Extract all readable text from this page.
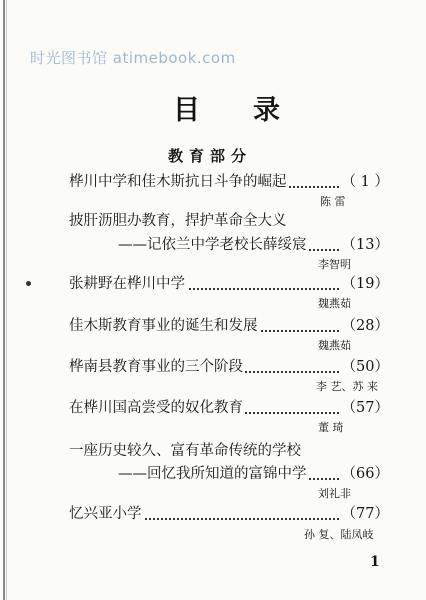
时光图书馆 atimebook.com
目 录
教育部分
桦川中学和佳木斯抗日斗争的崛起	（ 1 ）
陈 雷
披肝沥胆办教育，捍护革命全大义
——记依兰中学老校长薛绥宸 （13）
李智明
张耕野在桦川中学	（19）
魏燕茹
佳木斯教育事业的诞生和发展	（28）
魏燕茹
桦南县教育事业的三个阶段	（50）
李 艺、苏 来
在桦川国高尝受的奴化教育	（57）
董 琦
一座历史较久、富有革命传统的学校
——回忆我所知道的富锦中学 （66）
刘礼非
忆兴亚小学	（77）
孙 复、陆凤岐
1
